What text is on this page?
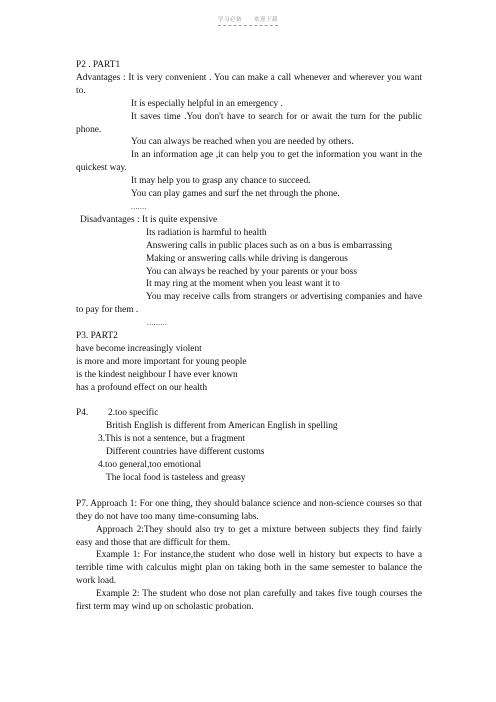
学习必备　　欢迎下载
P2 . PART1
Advantages : It is very convenient . You can make a call whenever and wherever you want to.
It is especially helpful in an emergency .
It saves time .You don't have to search for or await the turn for the public phone.
You can always be reached when you are needed by others.
In an information age ,it can help you to get the information you want in the quickest way.
It may help you to grasp any chance to succeed.
You can play games and surf the net through the phone.
.......
Disadvantages : It is quite expensive
Its radiation is harmful to health
Answering calls in public places such as on a bus is embarrassing
Making or answering calls while driving is dangerous
You can always be reached by your parents or your boss
It may ring at the moment when you least want it to
You may receive calls from strangers or advertising companies and have to pay for them .
.........
P3. PART2
have become increasingly violent
is more and more important for young people
is the kindest neighbour I have ever known
has a profound effect on our health
P4. 2.too specific
British English is different from American English in spelling
3.This is not a sentence, but a fragment
Different countries have different customs
4.too general,too emotional
The local food is tasteless and greasy
P7. Approach 1: For one thing, they should balance science and non-science courses so that they do not have too many time-consuming labs.
Approach 2:They should also try to get a mixture between subjects they find fairly easy and those that are difficult for them.
Example 1: For instance,the student who dose well in history but expects to have a terrible time with calculus might plan on taking both in the same semester to balance the work load.
Example 2: The student who dose not plan carefully and takes five tough courses the first term may wind up on scholastic probation.
